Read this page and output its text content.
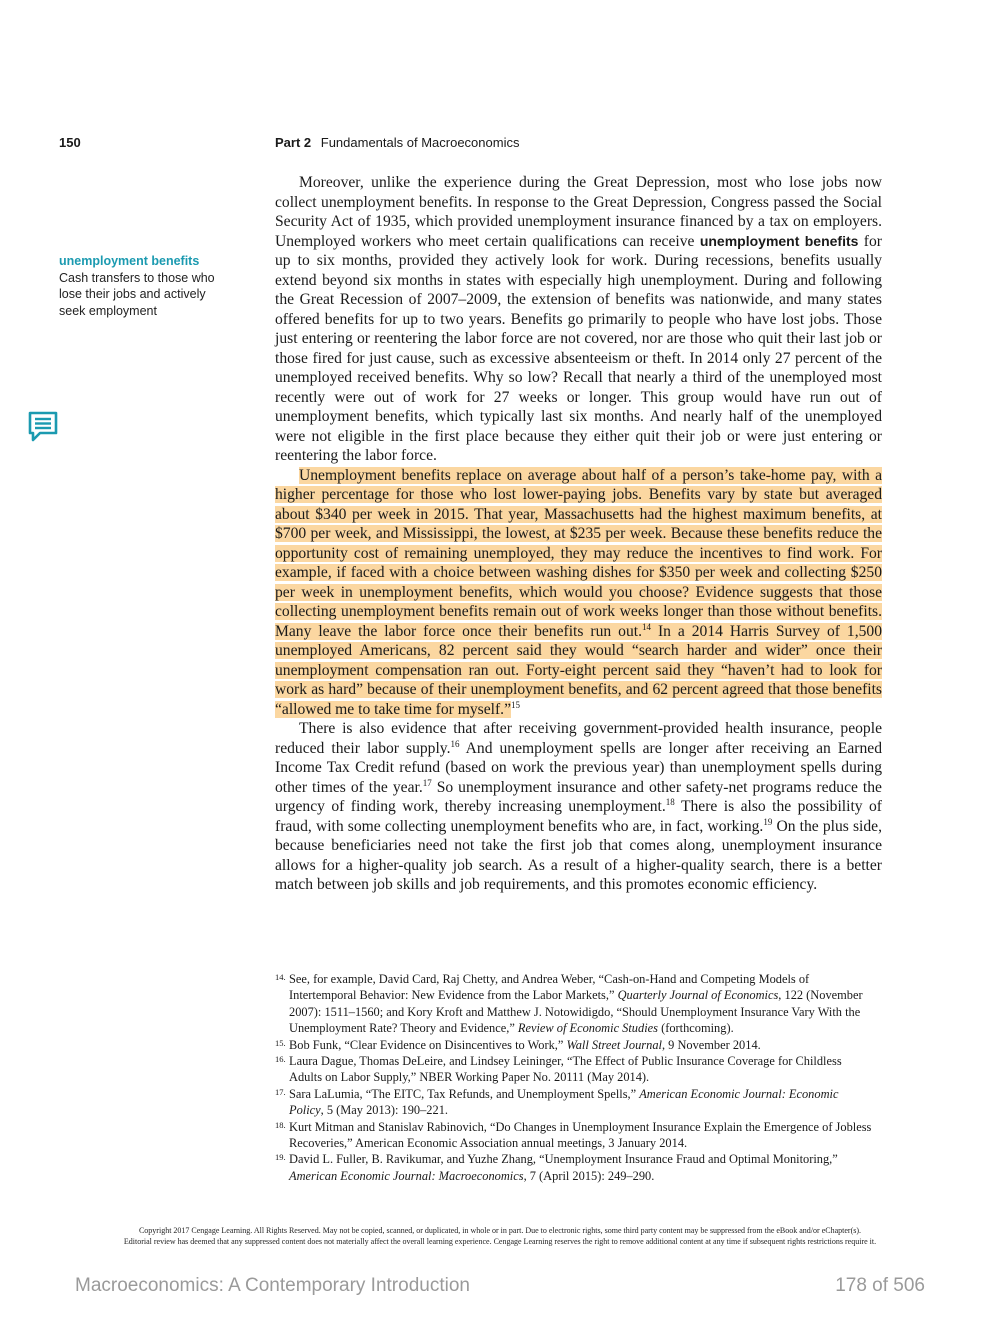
150	Part 2 Fundamentals of Macroeconomics
unemployment benefits
Cash transfers to those who lose their jobs and actively seek employment

Moreover, unlike the experience during the Great Depression, most who lose jobs now collect unemployment benefits. In response to the Great Depression, Congress passed the Social Security Act of 1935, which provided unemployment insurance financed by a tax on employers. Unemployed workers who meet certain qualifications can receive unemployment benefits for up to six months, provided they actively look for work. During recessions, benefits usually extend beyond six months in states with especially high unemployment. During and following the Great Recession of 2007–2009, the extension of benefits was nationwide, and many states offered benefits for up to two years. Benefits go primarily to people who have lost jobs. Those just entering or reentering the labor force are not covered, nor are those who quit their last job or those fired for just cause, such as excessive absenteeism or theft. In 2014 only 27 percent of the unemployed received benefits. Why so low? Recall that nearly a third of the unemployed most recently were out of work for 27 weeks or longer. This group would have run out of unemployment benefits, which typically last six months. And nearly half of the unemployed were not eligible in the first place because they either quit their job or were just entering or reentering the labor force.

Unemployment benefits replace on average about half of a person’s take-home pay, with a higher percentage for those who lost lower-paying jobs. Benefits vary by state but averaged about $340 per week in 2015. That year, Massachusetts had the highest maximum benefits, at $700 per week, and Mississippi, the lowest, at $235 per week. Because these benefits reduce the opportunity cost of remaining unemployed, they may reduce the incentives to find work. For example, if faced with a choice between washing dishes for $350 per week and collecting $250 per week in unemployment benefits, which would you choose? Evidence suggests that those collecting unemployment benefits remain out of work weeks longer than those without benefits. Many leave the labor force once their benefits run out.$^{14}$ In a 2014 Harris Survey of 1,500 unemployed Americans, 82 percent said they would “search harder and wider” once their unemployment compensation ran out. Forty-eight percent said they “haven’t had to look for work as hard” because of their unemployment benefits, and 62 percent agreed that those benefits “allowed me to take time for myself.”$^{15}$

There is also evidence that after receiving government-provided health insurance, people reduced their labor supply.$^{16}$ And unemployment spells are longer after receiving an Earned Income Tax Credit refund (based on work the previous year) than unemployment spells during other times of the year.$^{17}$ So unemployment insurance and other safety-net programs reduce the urgency of finding work, thereby increasing unemployment.$^{18}$ There is also the possibility of fraud, with some collecting unemployment benefits who are, in fact, working.$^{19}$ On the plus side, because beneficiaries need not take the first job that comes along, unemployment insurance allows for a higher-quality job search. As a result of a higher-quality search, there is a better match between job skills and job requirements, and this promotes economic efficiency.

14. See, for example, David Card, Raj Chetty, and Andrea Weber, “Cash-on-Hand and Competing Models of Intertemporal Behavior: New Evidence from the Labor Markets,” Quarterly Journal of Economics, 122 (November 2007): 1511–1560; and Kory Kroft and Matthew J. Notowidigdo, “Should Unemployment Insurance Vary With the Unemployment Rate? Theory and Evidence,” Review of Economic Studies (forthcoming).

15. Bob Funk, “Clear Evidence on Disincentives to Work,” Wall Street Journal, 9 November 2014.

16. Laura Dague, Thomas DeLeire, and Lindsey Leininger, “The Effect of Public Insurance Coverage for Childless Adults on Labor Supply,” NBER Working Paper No. 20111 (May 2014).

17. Sara LaLumia, “The EITC, Tax Refunds, and Unemployment Spells,” American Economic Journal: Economic Policy, 5 (May 2013): 190–221.

18. Kurt Mitman and Stanislav Rabinovich, “Do Changes in Unemployment Insurance Explain the Emergence of Jobless Recoveries,” American Economic Association annual meetings, 3 January 2014.

19. David L. Fuller, B. Ravikumar, and Yuzhe Zhang, “Unemployment Insurance Fraud and Optimal Monitoring,” American Economic Journal: Macroeconomics, 7 (April 2015): 249–290.

Copyright 2017 Cengage Learning. All Rights Reserved. May not be copied, scanned, or duplicated, in whole or in part. Due to electronic rights, some third party content may be suppressed from the eBook and/or eChapter(s).
Editorial review has deemed that any suppressed content does not materially affect the overall learning experience. Cengage Learning reserves the right to remove additional content at any time if subsequent rights restrictions require it.
Macroeconomics: A Contemporary Introduction	178 of 506
